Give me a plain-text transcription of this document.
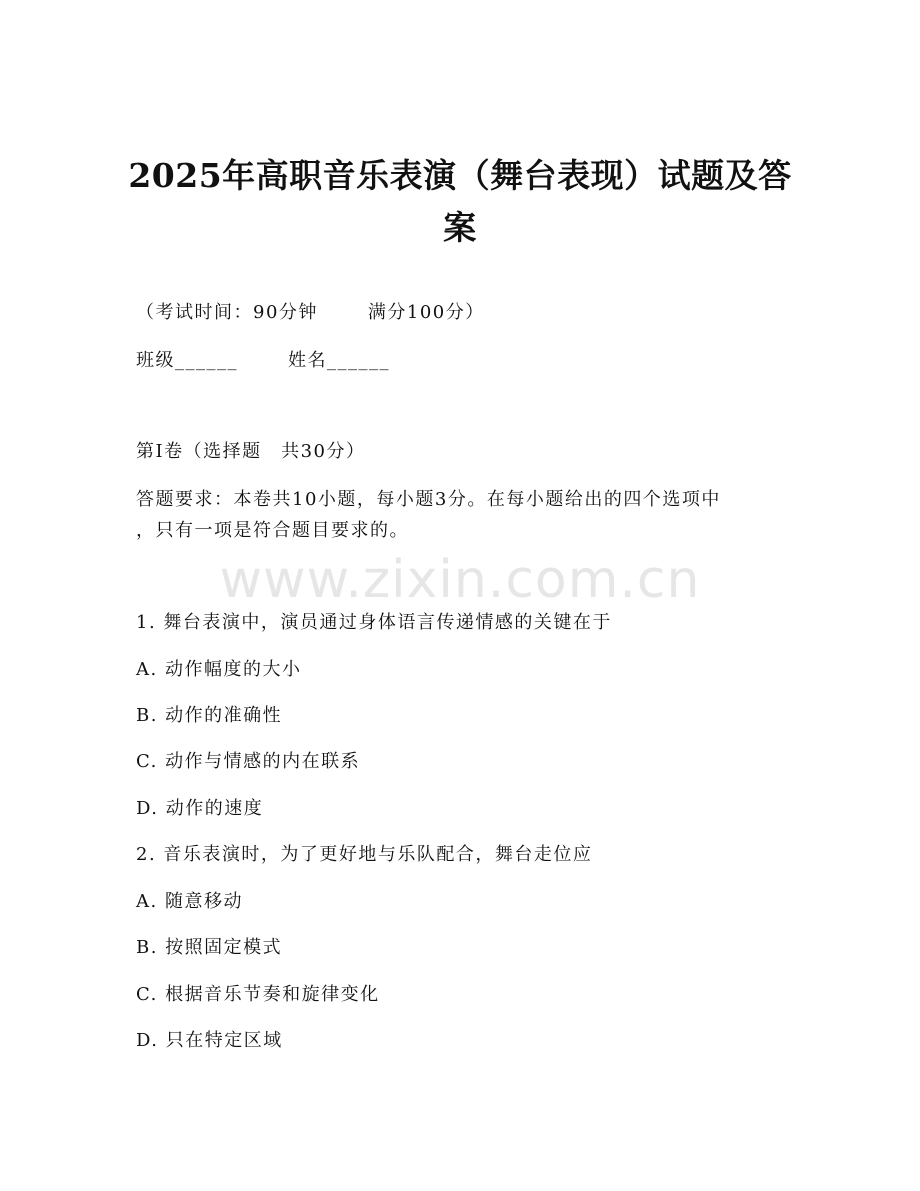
2025年高职音乐表演（舞台表现）试题及答案
（考试时间：90分钟	满分100分）
班级______	姓名______
第Ⅰ卷（选择题　共30分）
答题要求：本卷共10小题，每小题3分。在每小题给出的四个选项中
，只有一项是符合题目要求的。
www.zixin.com.cn
1. 舞台表演中，演员通过身体语言传递情感的关键在于
A. 动作幅度的大小
B. 动作的准确性
C. 动作与情感的内在联系
D. 动作的速度
2. 音乐表演时，为了更好地与乐队配合，舞台走位应
A. 随意移动
B. 按照固定模式
C. 根据音乐节奏和旋律变化
D. 只在特定区域
